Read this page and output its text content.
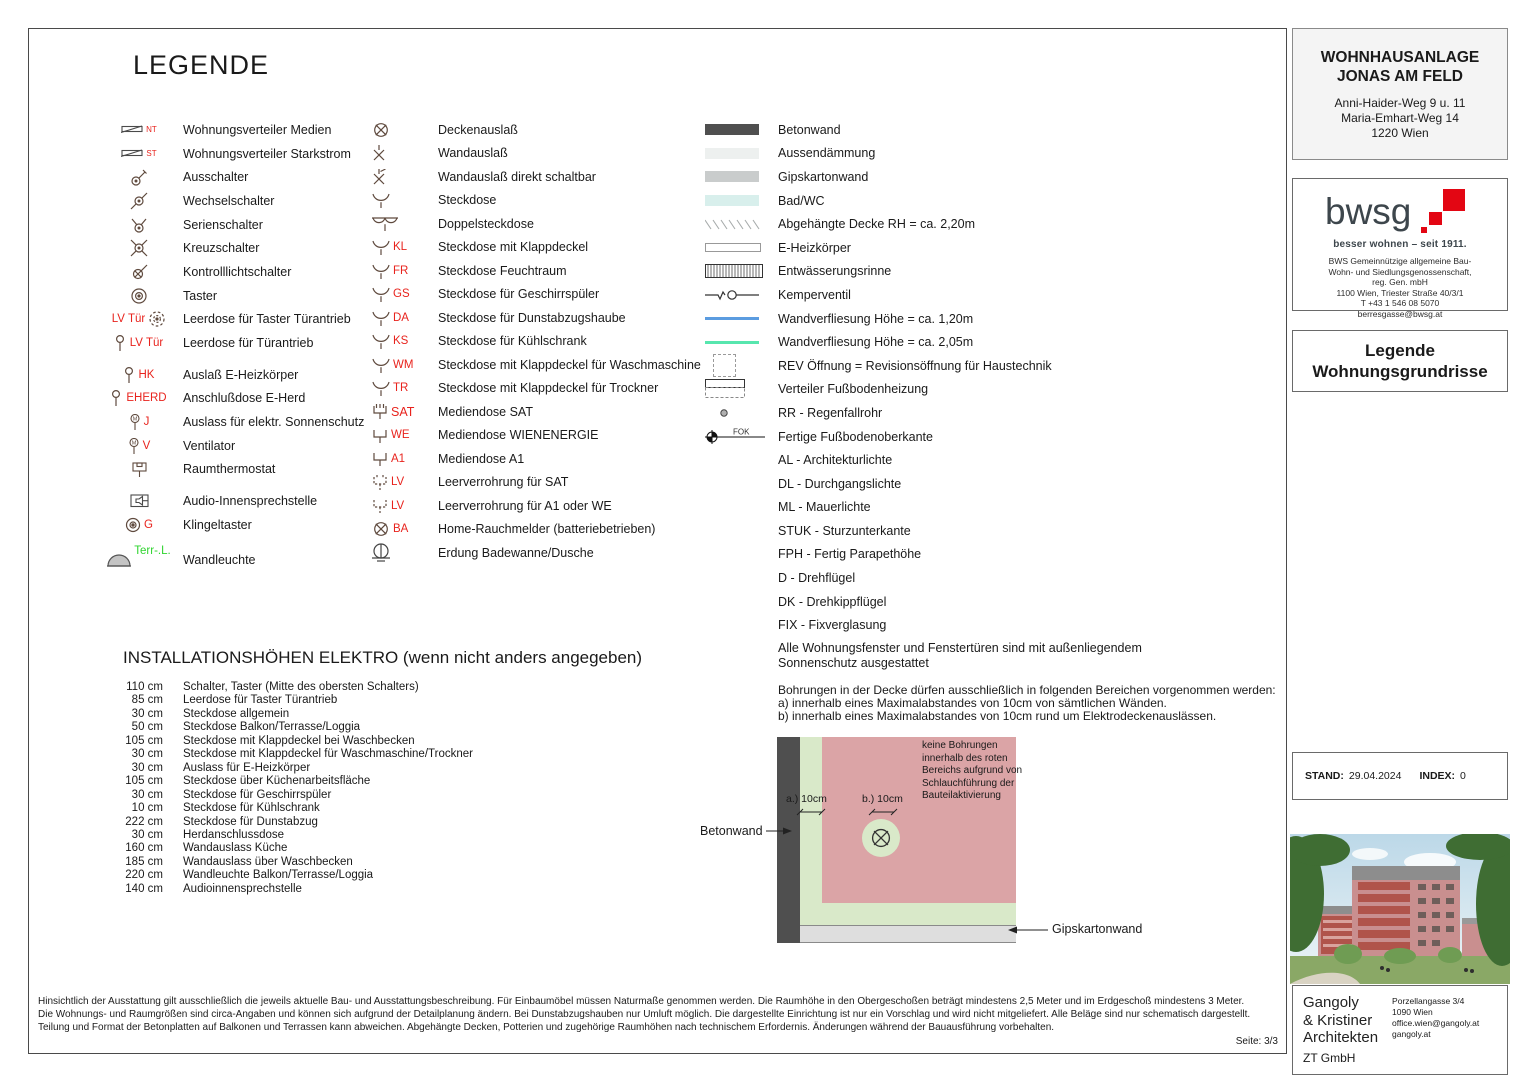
LEGENDE
NT Wohnungsverteiler Medien
ST Wohnungsverteiler Starkstrom
Ausschalter
Wechselschalter
Serienschalter
Kreuzschalter
Kontrolllichtschalter
Taster
LV Tür	Leerdose für Taster Türantrieb
LV Tür Leerdose für Türantrieb
HK Auslaß E-Heizkörper
EHERD Anschlußdose E-Herd
J	Auslass für elektr. Sonnenschutz
V	Ventilator
Raumthermostat
Audio-Innensprechstelle
G Klingeltaster
Terr-.L.
Wandleuchte
Deckenauslaß
Wandauslaß
Wandauslaß direkt schaltbar
Steckdose
Doppelsteckdose
KL Steckdose mit Klappdeckel
FR Steckdose Feuchtraum
GS Steckdose für Geschirrspüler
DA Steckdose für Dunstabzugshaube
KS Steckdose für Kühlschrank
WM Steckdose mit Klappdeckel für Waschmaschine
TR Steckdose mit Klappdeckel für Trockner
SAT Mediendose SAT
WE Mediendose WIENENERGIE
A1	Mediendose A1
LV	Leerverrohrung für SAT
LV	Leerverrohrung für A1 oder WE
BA Home-Rauchmelder (batteriebetrieben)
Erdung Badewanne/Dusche
Betonwand
Aussendämmung
Gipskartonwand
Bad/WC
Abgehängte Decke RH = ca. 2,20m
E-Heizkörper
Entwässerungsrinne
Kemperventil
Wandverfliesung Höhe = ca. 1,20m
Wandverfliesung Höhe = ca. 2,05m
REV Öffnung = Revisionsöffnung für Haustechnik
Verteiler Fußbodenheizung
RR - Regenfallrohr
FOK Fertige Fußbodenoberkante
AL - Architekturlichte
DL - Durchgangslichte
ML - Mauerlichte
STUK - Sturzunterkante
FPH - Fertig Parapethöhe
D - Drehflügel
DK - Drehkippflügel
FIX - Fixverglasung
Alle Wohnungsfenster und Fenstertüren sind mit außenliegendem
Sonnenschutz ausgestattet
Bohrungen in der Decke dürfen ausschließlich in folgenden Bereichen vorgenommen werden:
a) innerhalb eines Maximalabstandes von 10cm von sämtlichen Wänden.
b) innerhalb eines Maximalabstandes von 10cm rund um Elektrodeckenauslässen.
INSTALLATIONSHÖHEN ELEKTRO (wenn nicht anders angegeben)
110 cm Schalter, Taster (Mitte des obersten Schalters)
85 cm Leerdose für Taster Türantrieb
30 cm Steckdose allgemein
50 cm Steckdose Balkon/Terrasse/Loggia
105 cm Steckdose mit Klappdeckel bei Waschbecken
30 cm Steckdose mit Klappdeckel für Waschmaschine/Trockner
30 cm Auslass für E-Heizkörper
105 cm Steckdose über Küchenarbeitsfläche
30 cm Steckdose für Geschirrspüler
10 cm Steckdose für Kühlschrank
222 cm Steckdose für Dunstabzug
30 cm Herdanschlussdose
160 cm Wandauslass Küche
185 cm Wandauslass über Waschbecken
220 cm Wandleuchte Balkon/Terrasse/Loggia
140 cm Audioinnensprechstelle
Betonwand
Gipskartonwand
a.) 10cm	b.) 10cm
keine Bohrungen
innerhalb des roten
Bereichs aufgrund von
Schlauchführung der
Bauteilaktivierung
WOHNHAUSANLAGE
JONAS AM FELD
Anni-Haider-Weg 9 u. 11
Maria-Emhart-Weg 14
1220 Wien
bwsg
besser wohnen – seit 1911.
BWS Gemeinnützige allgemeine Bau-
Wohn- und Siedlungsgenossenschaft,
reg. Gen. mbH
1100 Wien, Triester Straße 40/3/1
T +43 1 546 08 5070
berresgasse@bwsg.at
Legende
Wohnungsgrundrisse
STAND: 29.04.2024 INDEX: 0
Gangoly
& Kristiner
Architekten
ZT GmbH
Porzellangasse 3/4
1090 Wien
office.wien@gangoly.at
gangoly.at
Hinsichtlich der Ausstattung gilt ausschließlich die jeweils aktuelle Bau- und Ausstattungsbeschreibung. Für Einbaumöbel müssen Naturmaße genommen werden. Die Raumhöhe in den Obergeschoßen beträgt mindestens 2,5 Meter und im Erdgeschoß mindestens 3 Meter.
Die Wohnungs- und Raumgrößen sind circa-Angaben und können sich aufgrund der Detailplanung ändern. Bei Dunstabzugshauben nur Umluft möglich. Die dargestellte Einrichtung ist nur ein Vorschlag und wird nicht mitgeliefert. Alle Beläge sind nur schematisch dargestellt.
Teilung und Format der Betonplatten auf Balkonen und Terrassen kann abweichen. Abgehängte Decken, Potterien und zugehörige Raumhöhen nach technischem Erfordernis. Änderungen während der Bauausführung vorbehalten.
Seite: 3/3
